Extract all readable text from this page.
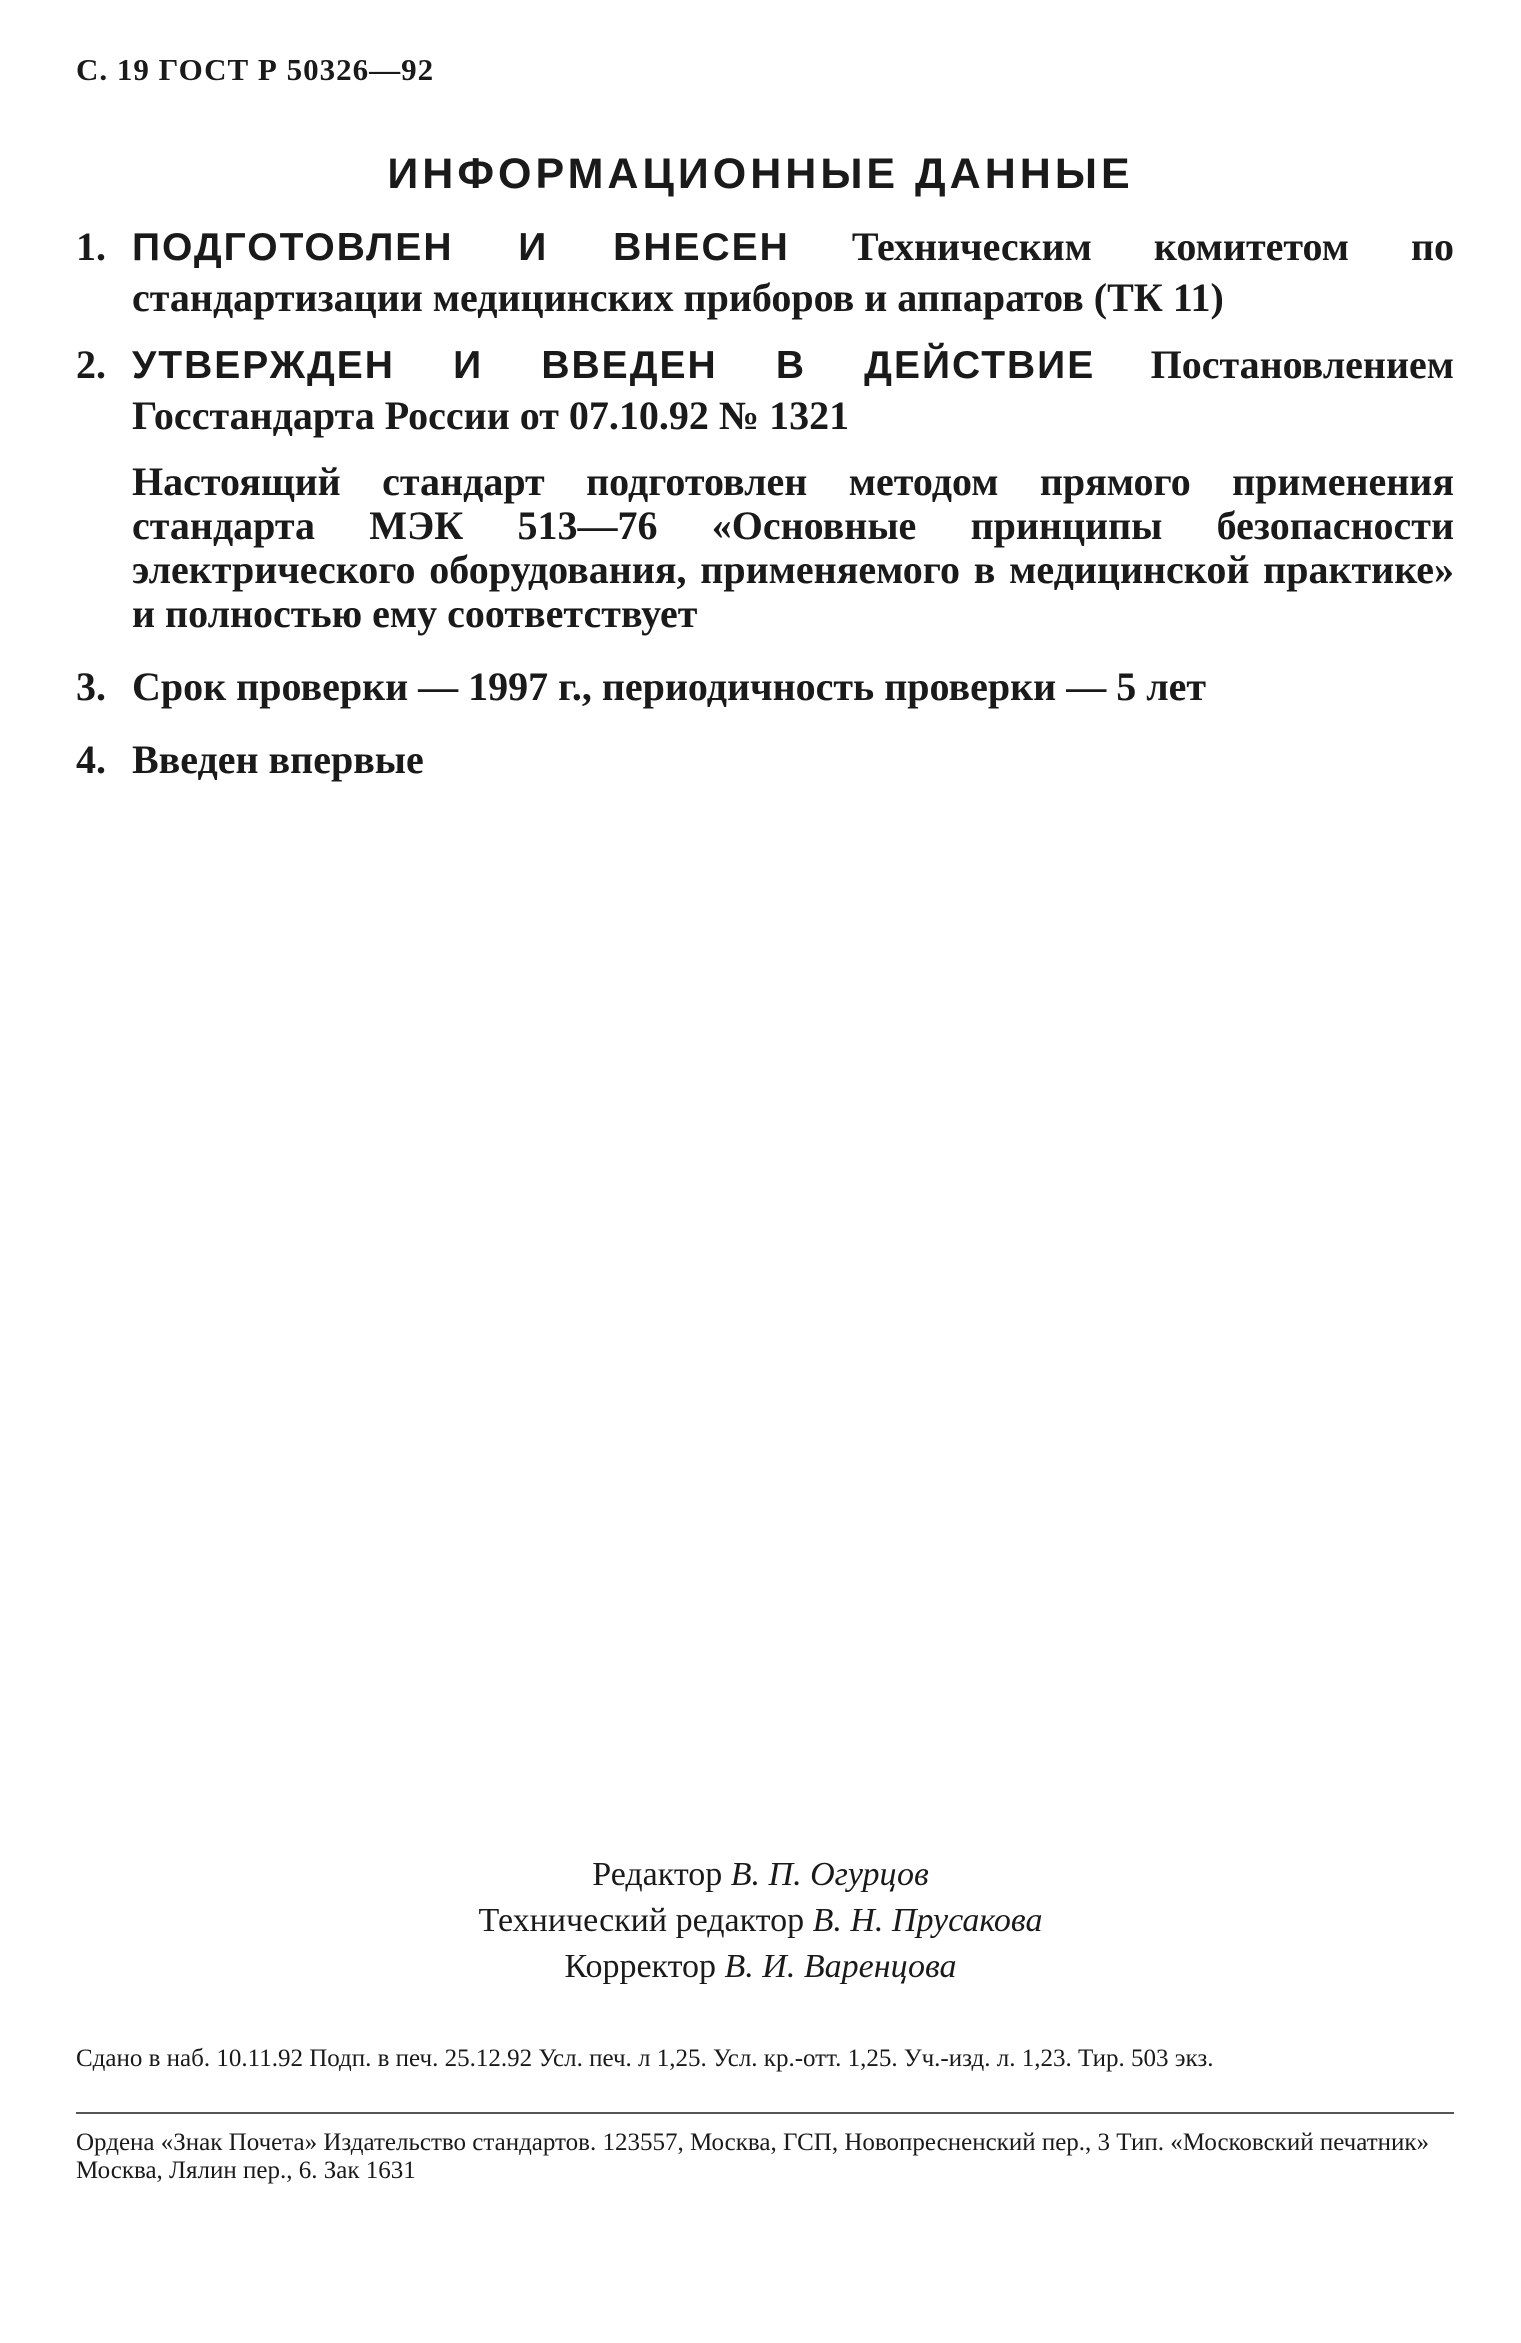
С. 19 ГОСТ Р 50326—92
ИНФОРМАЦИОННЫЕ ДАННЫЕ
1. ПОДГОТОВЛЕН И ВНЕСЕН Техническим комитетом по стандартизации медицинских приборов и аппаратов (ТК 11)
2. УТВЕРЖДЕН И ВВЕДЕН В ДЕЙСТВИЕ Постановлением Госстандарта России от 07.10.92 № 1321
Настоящий стандарт подготовлен методом прямого применения стандарта МЭК 513—76 «Основные принципы безопасности электрического оборудования, применяемого в медицинской практике» и полностью ему соответствует
3. Срок проверки — 1997 г., периодичность проверки — 5 лет
4. Введен впервые
Редактор В. П. Огурцов
Технический редактор В. Н. Прусакова
Корректор В. И. Варенцова
Сдано в наб. 10.11.92 Подп. в печ. 25.12.92 Усл. печ. л 1,25. Усл. кр.-отт. 1,25. Уч.-изд. л. 1,23. Тир. 503 экз.
Ордена «Знак Почета» Издательство стандартов. 123557, Москва, ГСП, Новопресненский пер., 3 Тип. «Московский печатник» Москва, Лялин пер., 6. Зак 1631
